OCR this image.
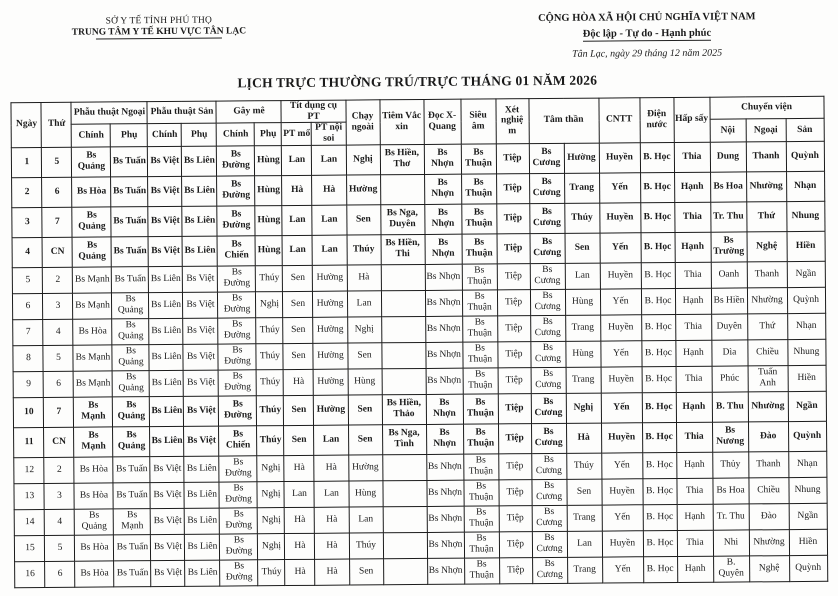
SỞ Y TẾ TỈNH PHÚ THỌ
TRUNG TÂM Y TẾ KHU VỰC TÂN LẠC
CỘNG HÒA XÃ HỘI CHỦ NGHĨA VIỆT NAM
Độc lập - Tự do - Hạnh phúc
Tân Lạc, ngày 29 tháng 12 năm 2025
LỊCH TRỰC THƯỜNG TRÚ/TRỰC THÁNG 01 NĂM 2026
Ngày	Thứ	Phẫu thuật Ngoại		Phẫu thuật Sản		Gây mê		Tít dụng cụ PT		Chạy ngoài	Tiêm Vắc xin	Đọc X-Quang	Siêu âm	Xét nghiệm	Tâm thần		CNTT	Điện nước	Hấp sấy	Chuyển viện		
		Chính	Phụ	Chính	Phụ	Chính	Phụ	PT mổ	PT nội soi											Nội	Ngoại	Sản
1	5	Bs Quảng	Bs Tuấn	Bs Việt	Bs Liên	Bs Đường	Hùng	Lan	Lan	Nghị	Bs Hiền, Thơ	Bs Nhợn	Bs Thuận	Tiệp	Bs Cương	Hường	Huyền	B. Học	Thia	Dung	Thanh	Quỳnh
2	6	Bs Hòa	Bs Tuấn	Bs Việt	Bs Liên	Bs Đường	Hùng	Hà	Hà	Hường		Bs Nhợn	Bs Thuận	Tiệp	Bs Cương	Trang	Yến	B. Học	Hạnh	Bs Hoa	Nhường	Nhạn
3	7	Bs Quảng	Bs Tuấn	Bs Việt	Bs Liên	Bs Đường	Hùng	Lan	Lan	Sen	Bs Nga, Duyên	Bs Nhợn	Bs Thuận	Tiệp	Bs Cương	Thúy	Huyền	B. Học	Thia	Tr. Thu	Thứ	Nhung
4	CN	Bs Quảng	Bs Tuấn	Bs Việt	Bs Liên	Bs Chiến	Hùng	Lan	Lan	Thúy	Bs Hiền, Thi	Bs Nhợn	Bs Thuận	Tiệp	Bs Cương	Sen	Yến	B. Học	Hạnh	Bs Trường	Nghệ	Hiền
5	2	Bs Mạnh	Bs Tuấn	Bs Liên	Bs Việt	Bs Đường	Thúy	Sen	Hường	Hà		Bs Nhợn	Bs Thuận	Tiệp	Bs Cương	Lan	Huyền	B. Học	Thia	Oanh	Thanh	Ngần
6	3	Bs Mạnh	Bs Quảng	Bs Liên	Bs Việt	Bs Đường	Nghị	Sen	Hường	Lan		Bs Nhợn	Bs Thuận	Tiệp	Bs Cương	Hùng	Yến	B. Học	Hạnh	Bs Hiền	Nhường	Quỳnh
7	4	Bs Hòa	Bs Quảng	Bs Liên	Bs Việt	Bs Đường	Thúy	Sen	Hường	Nghị		Bs Nhợn	Bs Thuận	Tiệp	Bs Cương	Trang	Huyền	B. Học	Thia	Duyên	Thứ	Nhạn
8	5	Bs Mạnh	Bs Quảng	Bs Liên	Bs Việt	Bs Đường	Thúy	Sen	Hường	Sen		Bs Nhợn	Bs Thuận	Tiệp	Bs Cương	Hùng	Yến	B. Học	Hạnh	Dìa	Chiều	Nhung
9	6	Bs Mạnh	Bs Quảng	Bs Liên	Bs Việt	Bs Đường	Thúy	Hà	Hường	Hùng		Bs Nhợn	Bs Thuận	Tiệp	Bs Cương	Trang	Huyền	B. Học	Thia	Phúc	Tuấn Anh	Hiền
10	7	Bs Mạnh	Bs Quảng	Bs Liên	Bs Việt	Bs Đường	Thúy	Sen	Hường	Sen	Bs Hiền, Thảo	Bs Nhợn	Bs Thuận	Tiệp	Bs Cương	Nghị	Yến	B. Học	Hạnh	B. Thu	Nhường	Ngần
11	CN	Bs Mạnh	Bs Quảng	Bs Liên	Bs Việt	Bs Chiến	Thúy	Sen	Lan	Sen	Bs Nga, Tình	Bs Nhợn	Bs Thuận	Tiệp	Bs Cương	Hà	Huyền	B. Học	Thia	Bs Nương	Đào	Quỳnh
12	2	Bs Hòa	Bs Tuấn	Bs Việt	Bs Liên	Bs Đường	Nghị	Hà	Hà	Hường		Bs Nhợn	Bs Thuận	Tiệp	Bs Cương	Thúy	Yến	B. Học	Hạnh	Thủy	Thanh	Nhạn
13	3	Bs Hòa	Bs Tuấn	Bs Việt	Bs Liên	Bs Đường	Nghị	Lan	Lan	Hùng		Bs Nhợn	Bs Thuận	Tiệp	Bs Cương	Sen	Huyền	B. Học	Thia	Bs Hoa	Chiều	Nhung
14	4	Bs Quảng	Bs Mạnh	Bs Việt	Bs Liên	Bs Đường	Nghị	Hà	Hà	Lan		Bs Nhợn	Bs Thuận	Tiệp	Bs Cương	Trang	Yến	B. Học	Hạnh	Tr. Thu	Đào	Ngần
15	5	Bs Hòa	Bs Tuấn	Bs Việt	Bs Liên	Bs Đường	Nghị	Hà	Hà	Thúy		Bs Nhợn	Bs Thuận	Tiệp	Bs Cương	Lan	Huyền	B. Học	Thia	Nhi	Nhường	Hiền
16	6	Bs Hòa	Bs Tuấn	Bs Việt	Bs Liên	Bs Đường	Thúy	Hà	Hà	Sen		Bs Nhợn	Bs Thuận	Tiệp	Bs Cương	Trang	Yến	B. Học	Hạnh	B. Quyên	Nghệ	Quỳnh
